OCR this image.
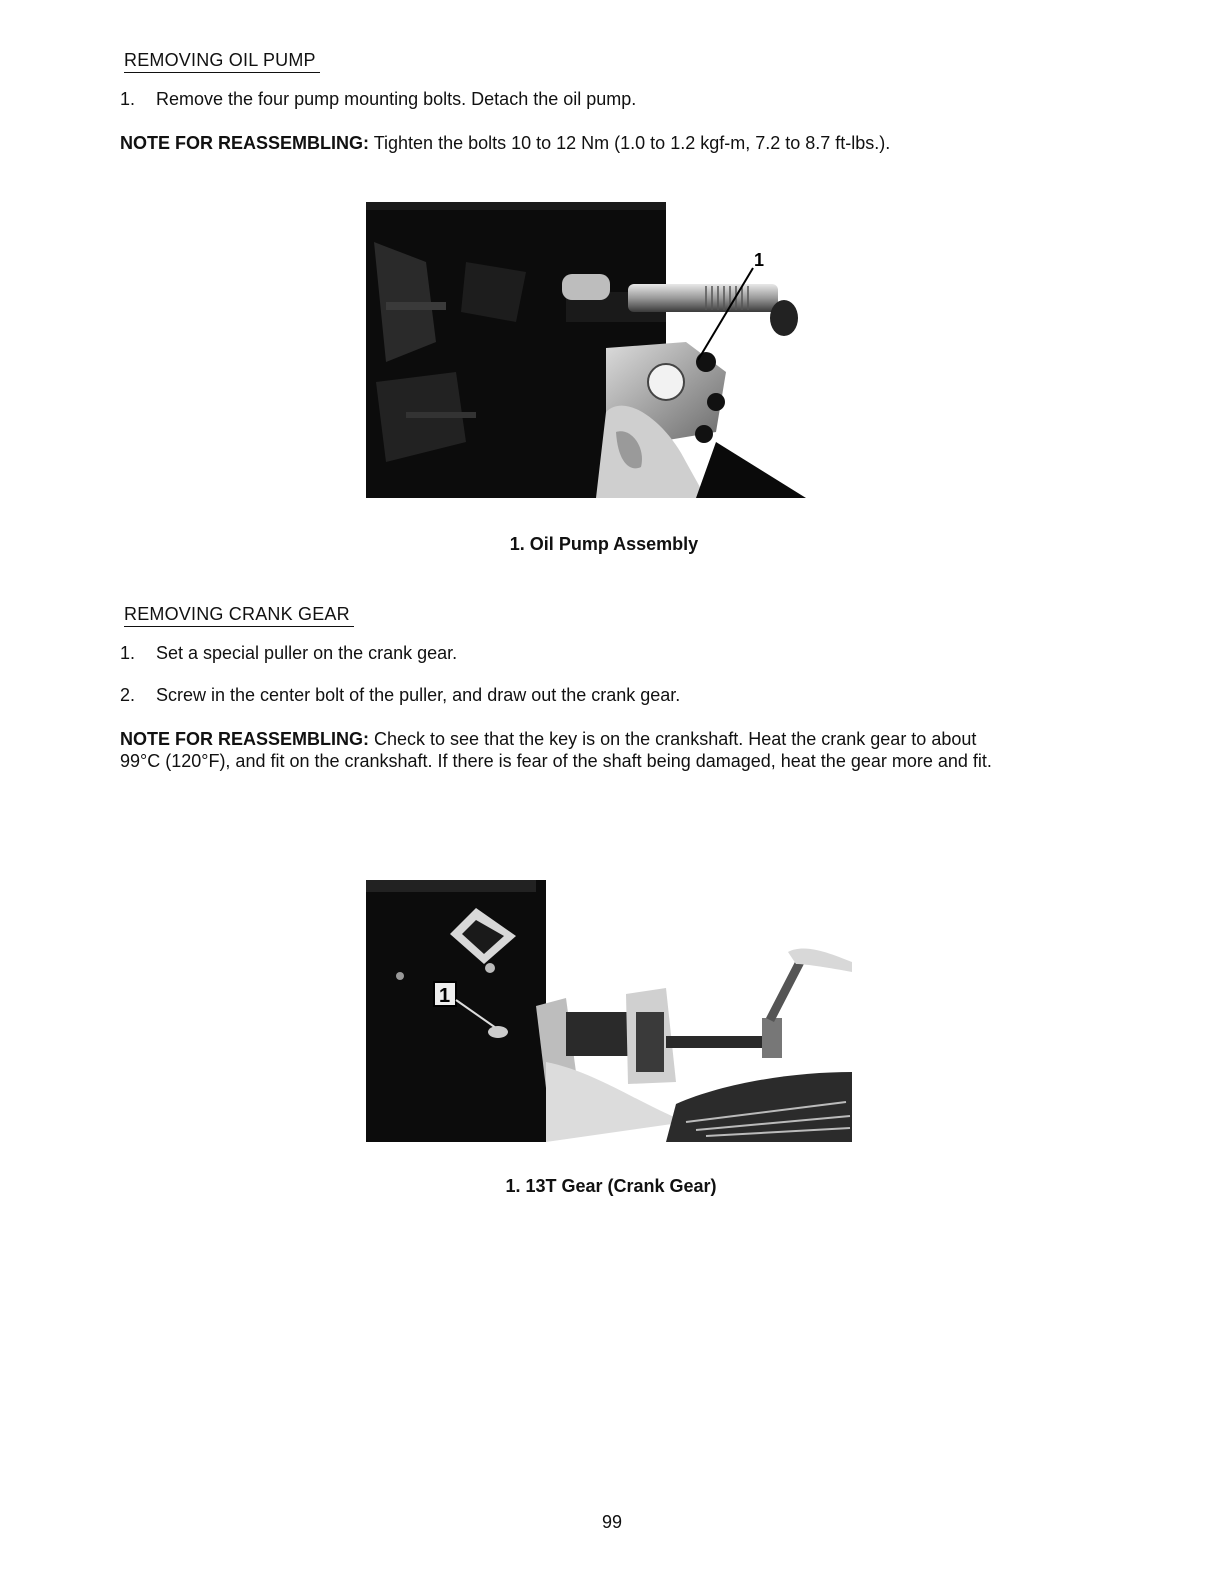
REMOVING OIL PUMP
1. Remove the four pump mounting bolts. Detach the oil pump.
NOTE FOR REASSEMBLING: Tighten the bolts 10 to 12 Nm (1.0 to 1.2 kgf-m, 7.2 to 8.7 ft-lbs.).
1
1. Oil Pump Assembly
REMOVING CRANK GEAR
1. Set a special puller on the crank gear.
2. Screw in the center bolt of the puller, and draw out the crank gear.
NOTE FOR REASSEMBLING: Check to see that the key is on the crankshaft. Heat the crank gear to about 99°C (120°F), and fit on the crankshaft. If there is fear of the shaft being damaged, heat the gear more and fit.
1
1. 13T Gear (Crank Gear)
99
